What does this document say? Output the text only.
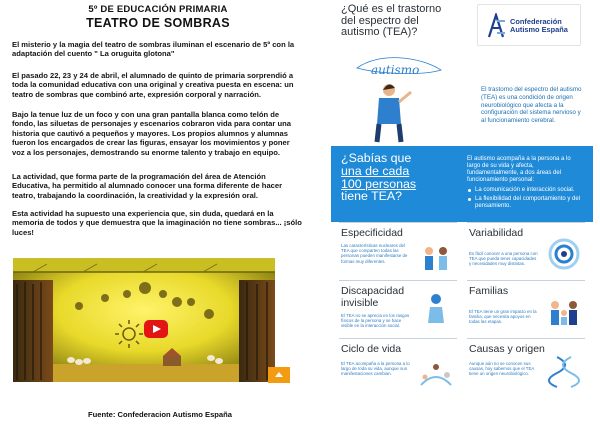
5º DE EDUCACIÓN PRIMARIA
TEATRO DE SOMBRAS

El misterio y la magia del teatro de sombras iluminan el escenario de 5º con la adaptación del cuento " La oruguita glotona"

El pasado 22, 23 y 24 de abril, el alumnado de quinto de primaria sorprendió a toda la comunidad educativa con una original y creativa puesta en escena: un teatro de sombras que combinó arte, expresión corporal y narración.

Bajo la tenue luz de un foco y con una gran pantalla blanca como telón de fondo, las siluetas de personajes y escenarios cobraron vida para contar una historia que cautivó a pequeños y mayores. Los propios alumnos y alumnas fueron los encargados de crear las figuras, ensayar los movimientos y poner voz a los personajes, demostrando su enorme talento y trabajo en equipo.

La actividad, que forma parte de la programación del área de Atención Educativa, ha permitido al alumnado conocer una forma diferente de hacer teatro, trabajando la coordinación, la creatividad y la expresión oral.

Esta actividad ha supuesto una experiencia que, sin duda, quedará en la memoria de todos y que demuestra que la imaginación no tiene sombras... ¡sólo luces!

¿Qué es el trastorno del espectro del autismo (TEA)?
Confederación
Autismo España
autismo
El trastorno del espectro del autismo (TEA) es una condición de origen neurobiológico que afecta a la configuración del sistema nervioso y al funcionamiento cerebral.
¿Sabías que
una de cada
100 personas
tiene TEA?
El autismo acompaña a la persona a lo largo de su vida y afecta, fundamentalmente, a dos áreas del funcionamiento personal:
La comunicación e interacción social.
La flexibilidad del comportamiento y del pensamiento.
Especificidad
Las características nucleares del TEA que comparten todas las personas pueden manifestarse de formas muy diferentes.
Variabilidad
Es fácil conocer a una persona con TEA que pueda tener capacidades y necesidades muy distintas.
Discapacidad
invisible
El TEA no se aprecia en los rasgos físicos de la persona y se hace visible en la interacción social.
Familias
El TEA tiene un gran impacto en la familia, que necesita apoyos en todas las etapas.
Ciclo de vida
El TEA acompaña a la persona a lo largo de toda su vida, aunque sus manifestaciones cambian.
Causas y origen
Aunque aún no se conocen sus causas, hoy sabemos que el TEA tiene un origen neurobiológico.
Fuente: Confederacion Autismo España
